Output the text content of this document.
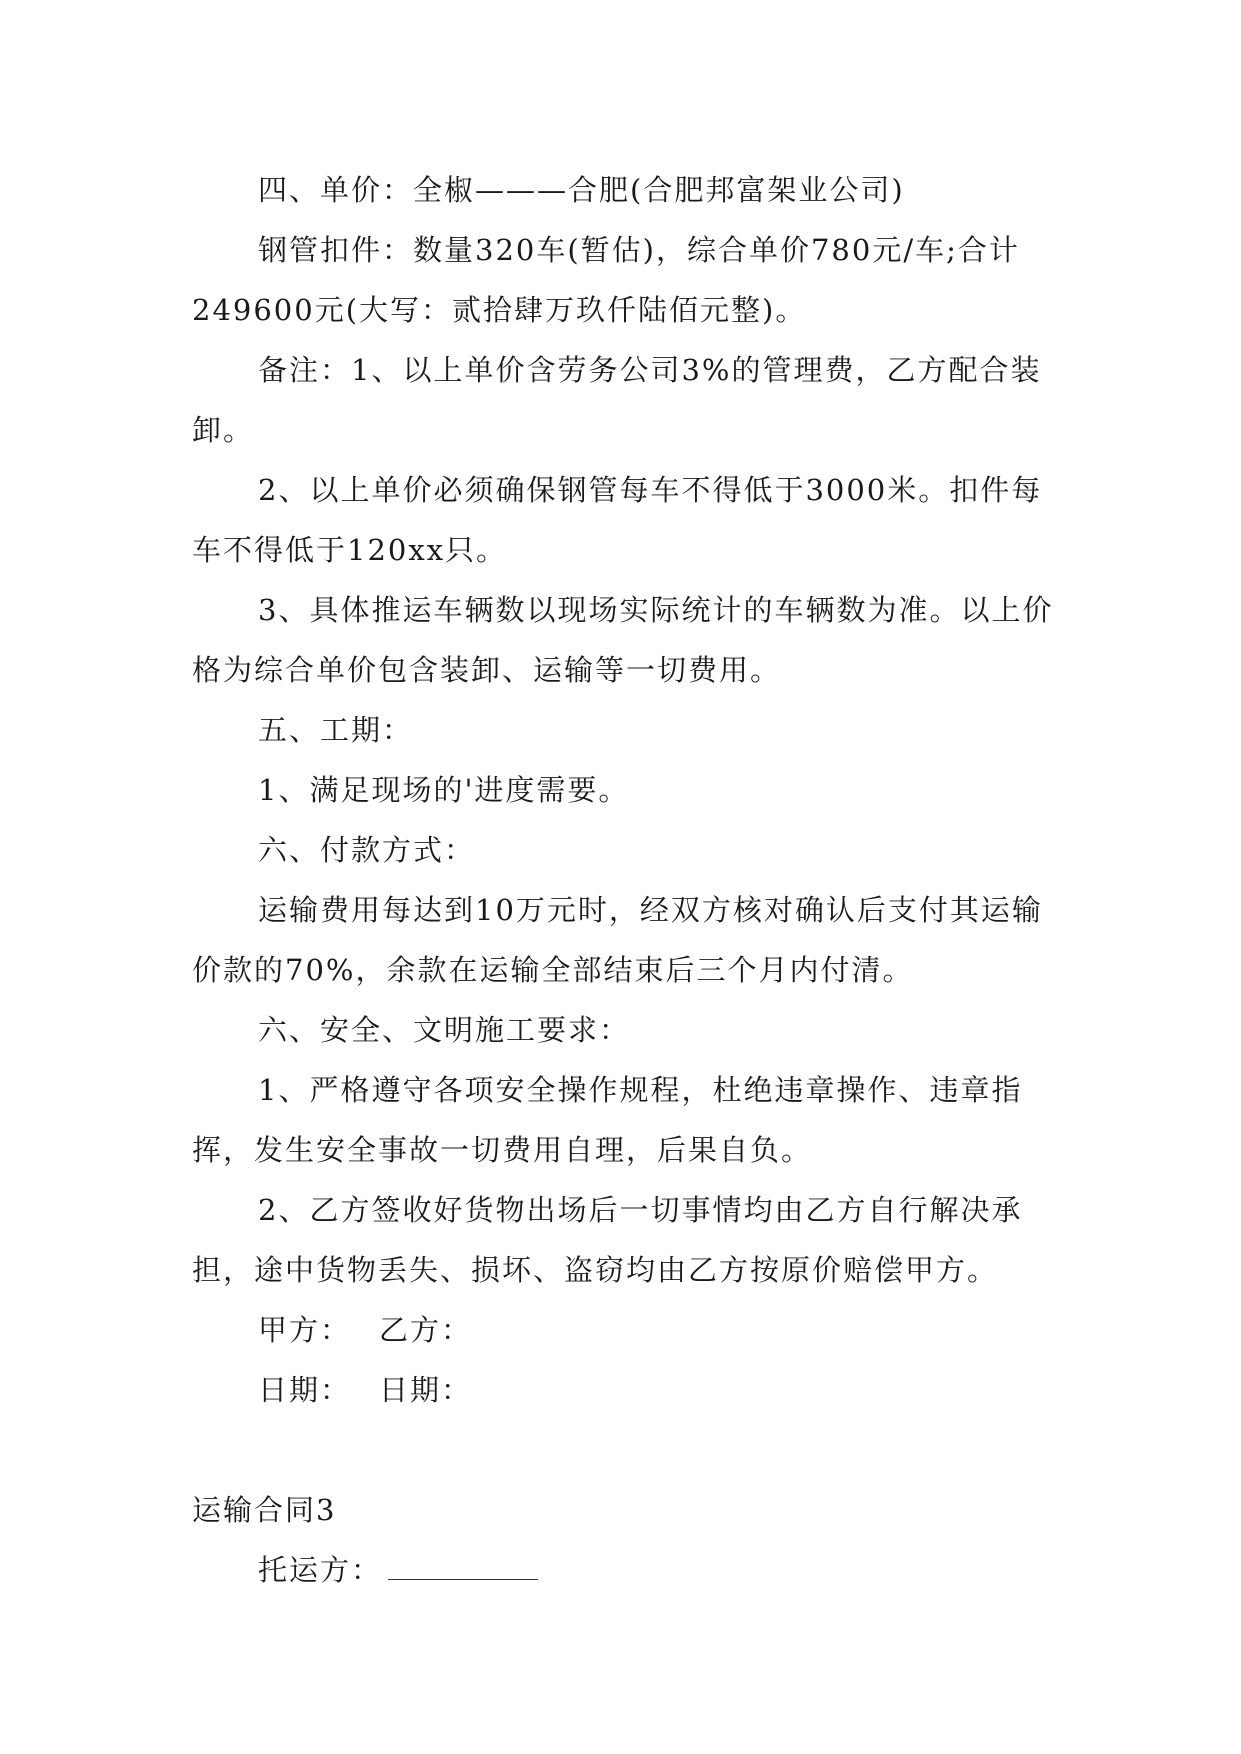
四、单价：全椒———合肥(合肥邦富架业公司)

钢管扣件：数量320车(暂估)，综合单价780元/车;合计249600元(大写：贰拾肆万玖仟陆佰元整)。

备注：1、以上单价含劳务公司3%的管理费，乙方配合装卸。

2、以上单价必须确保钢管每车不得低于3000米。扣件每车不得低于120xx只。

3、具体推运车辆数以现场实际统计的车辆数为准。以上价格为综合单价包含装卸、运输等一切费用。

五、工期：

1、满足现场的'进度需要。

六、付款方式：

运输费用每达到10万元时，经双方核对确认后支付其运输价款的70%，余款在运输全部结束后三个月内付清。

六、安全、文明施工要求：

1、严格遵守各项安全操作规程，杜绝违章操作、违章指挥，发生安全事故一切费用自理，后果自负。

2、乙方签收好货物出场后一切事情均由乙方自行解决承担，途中货物丢失、损坏、盗窃均由乙方按原价赔偿甲方。

甲方： 乙方：

日期： 日期：

运输合同3

托运方：
